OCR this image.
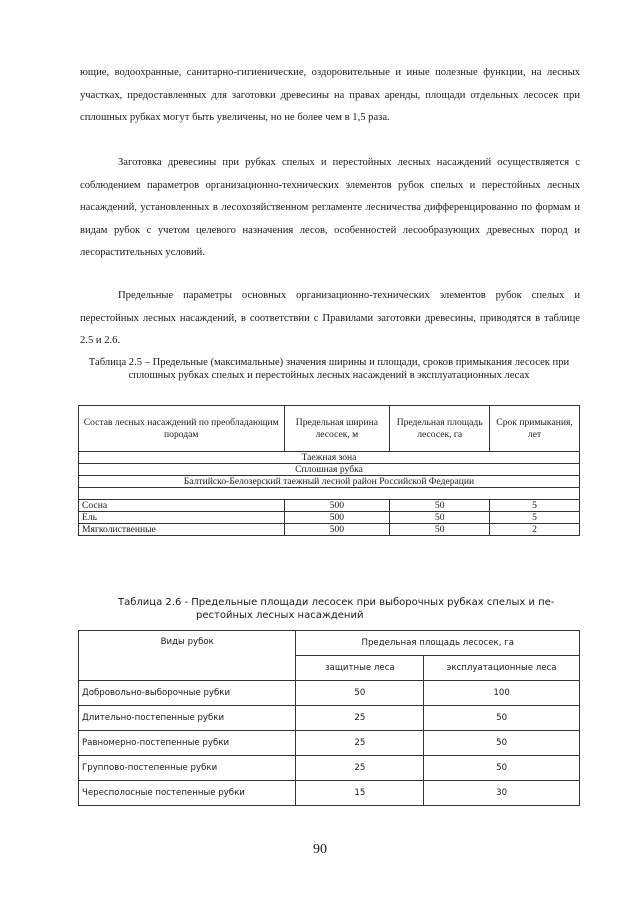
ющие, водоохранные, санитарно-гигиенические, оздоровительные и иные полезные функции, на лесных участках, предоставленных для заготовки древесины на правах аренды, площади отдельных лесосек при сплошных рубках могут быть увеличены, но не более чем в 1,5 раза.

Заготовка древесины при рубках спелых и перестойных лесных насаждений осуществляется с соблюдением параметров организационно-технических элементов рубок спелых и перестойных лесных насаждений, установленных в лесохозяйственном регламенте лесничества дифференцированно по формам и видам рубок с учетом целевого назначения лесов, особенностей лесообразующих древесных пород и лесорастительных условий.

Предельные параметры основных организационно-технических элементов рубок спелых и перестойных лесных насаждений, в соответствии с Правилами заготовки древесины, приводятся в таблице 2.5 и 2.6.

Таблица 2.5 – Предельные (максимальные) значения ширины и площади, сроков примыкания лесосек при сплошных рубках спелых и перестойных лесных насаждений в эксплуатационных лесах

Состав лесных насаждений по преобладающим породам	Предельная ширина лесосек, м	Предельная площадь лесосек, га	Срок примыкания, лет
Таежная зона			
Сплошная рубка			
Балтийско-Белозерский таежный лесной район Российской Федерации			

Сосна	500	50	5
Ель	500	50	5
Мягколиственные	500	50	2

Таблица 2.6 - Предельные площади лесосек при выборочных рубках спелых и пе-
рестойных лесных насаждений

Виды рубок	Предельная площадь лесосек, га	
	защитные леса	эксплуатационные леса
Добровольно-выборочные рубки	50	100
Длительно-постепенные рубки	25	50
Равномерно-постепенные рубки	25	50
Группово-постепенные рубки	25	50
Чересполосные постепенные рубки	15	30
90
